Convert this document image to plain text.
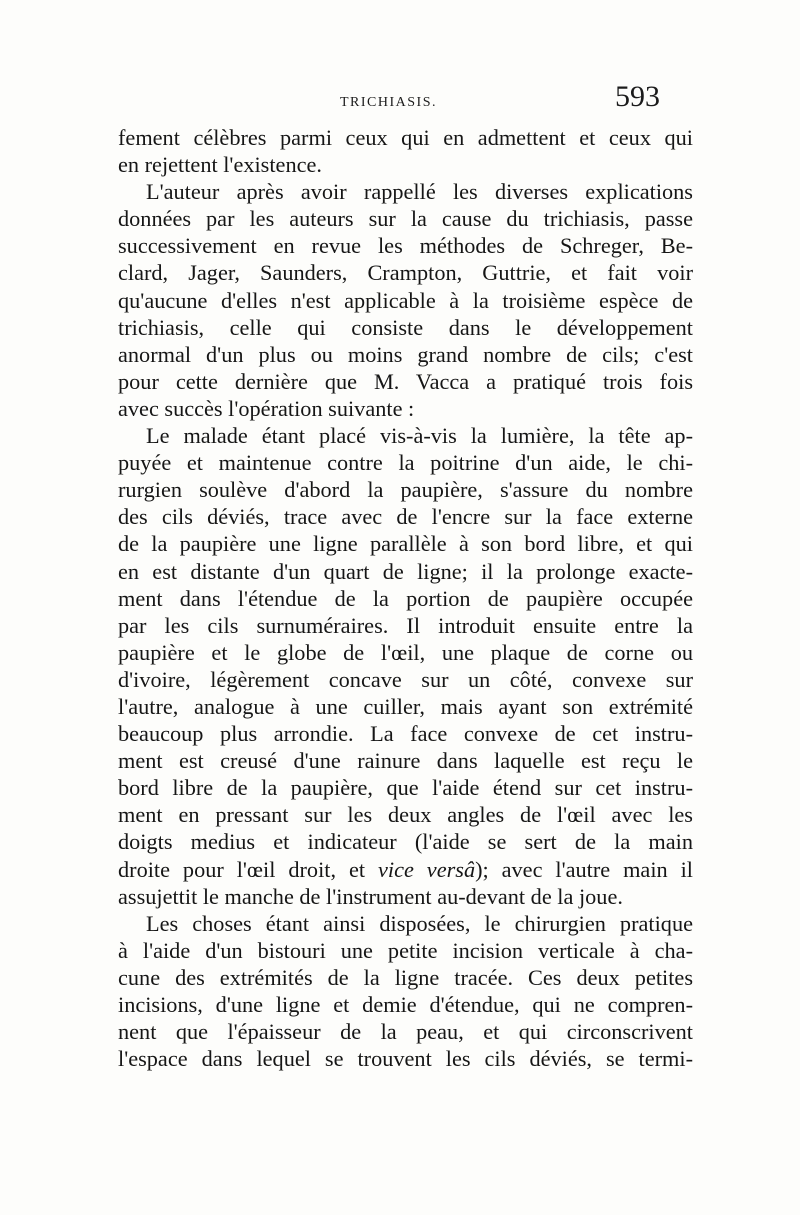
TRICHIASIS.	593
fement célèbres parmi ceux qui en admettent et ceux qui
en rejettent l'existence.
L'auteur après avoir rappellé les diverses explications
données par les auteurs sur la cause du trichiasis, passe
successivement en revue les méthodes de Schreger, Be-
clard, Jager, Saunders, Crampton, Guttrie, et fait voir
qu'aucune d'elles n'est applicable à la troisième espèce de
trichiasis, celle qui consiste dans le développement
anormal d'un plus ou moins grand nombre de cils; c'est
pour cette dernière que M. Vacca a pratiqué trois fois
avec succès l'opération suivante :
Le malade étant placé vis-à-vis la lumière, la tête ap-
puyée et maintenue contre la poitrine d'un aide, le chi-
rurgien soulève d'abord la paupière, s'assure du nombre
des cils déviés, trace avec de l'encre sur la face externe
de la paupière une ligne parallèle à son bord libre, et qui
en est distante d'un quart de ligne; il la prolonge exacte-
ment dans l'étendue de la portion de paupière occupée
par les cils surnuméraires. Il introduit ensuite entre la
paupière et le globe de l'œil, une plaque de corne ou
d'ivoire, légèrement concave sur un côté, convexe sur
l'autre, analogue à une cuiller, mais ayant son extrémité
beaucoup plus arrondie. La face convexe de cet instru-
ment est creusé d'une rainure dans laquelle est reçu le
bord libre de la paupière, que l'aide étend sur cet instru-
ment en pressant sur les deux angles de l'œil avec les
doigts medius et indicateur (l'aide se sert de la main
droite pour l'œil droit, et vice versâ); avec l'autre main il
assujettit le manche de l'instrument au-devant de la joue.
Les choses étant ainsi disposées, le chirurgien pratique
à l'aide d'un bistouri une petite incision verticale à cha-
cune des extrémités de la ligne tracée. Ces deux petites
incisions, d'une ligne et demie d'étendue, qui ne compren-
nent que l'épaisseur de la peau, et qui circonscrivent
l'espace dans lequel se trouvent les cils déviés, se termi-
